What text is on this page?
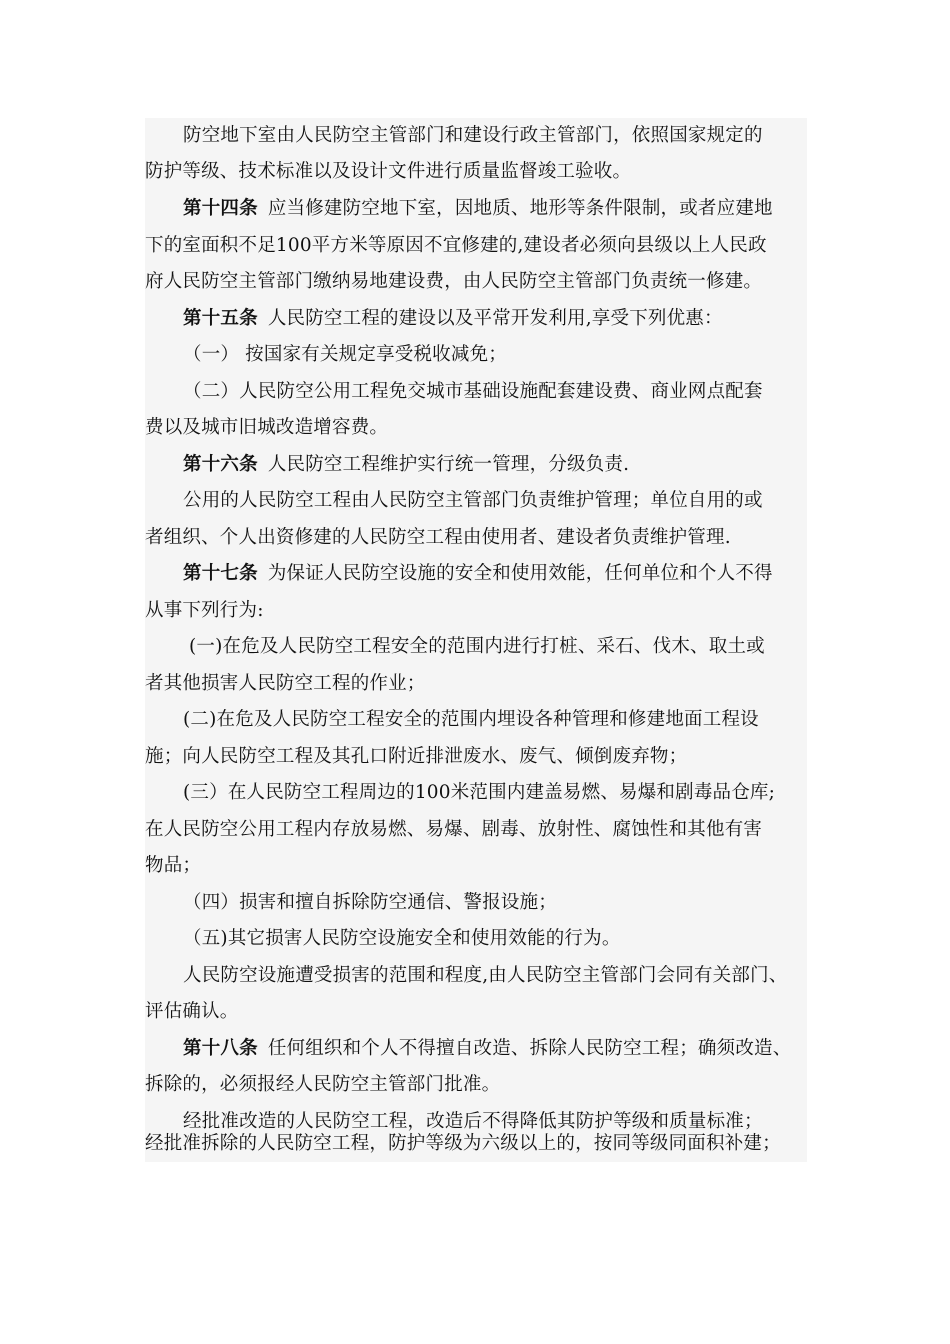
防空地下室由人民防空主管部门和建设行政主管部门，依照国家规定的
防护等级、技术标准以及设计文件进行质量监督竣工验收。
第十四条 应当修建防空地下室，因地质、地形等条件限制，或者应建地
下的室面积不足100平方米等原因不宜修建的,建设者必须向县级以上人民政
府人民防空主管部门缴纳易地建设费，由人民防空主管部门负责统一修建。
第十五条 人民防空工程的建设以及平常开发利用,享受下列优惠：
（一） 按国家有关规定享受税收减免；
（二）人民防空公用工程免交城市基础设施配套建设费、商业网点配套
费以及城市旧城改造增容费。
第十六条 人民防空工程维护实行统一管理，分级负责.
公用的人民防空工程由人民防空主管部门负责维护管理；单位自用的或
者组织、个人出资修建的人民防空工程由使用者、建设者负责维护管理.
第十七条 为保证人民防空设施的安全和使用效能，任何单位和个人不得
从事下列行为:
(一)在危及人民防空工程安全的范围内进行打桩、采石、伐木、取土或
者其他损害人民防空工程的作业；
(二)在危及人民防空工程安全的范围内埋设各种管理和修建地面工程设
施；向人民防空工程及其孔口附近排泄废水、废气、倾倒废弃物；
(三）在人民防空工程周边的100米范围内建盖易燃、易爆和剧毒品仓库;
在人民防空公用工程内存放易燃、易爆、剧毒、放射性、腐蚀性和其他有害
物品；
（四）损害和擅自拆除防空通信、警报设施；
（五)其它损害人民防空设施安全和使用效能的行为。
人民防空设施遭受损害的范围和程度,由人民防空主管部门会同有关部门、
评估确认。
第十八条 任何组织和个人不得擅自改造、拆除人民防空工程；确须改造、
拆除的，必须报经人民防空主管部门批准。
经批准改造的人民防空工程，改造后不得降低其防护等级和质量标准；
经批准拆除的人民防空工程，防护等级为六级以上的，按同等级同面积补建；
